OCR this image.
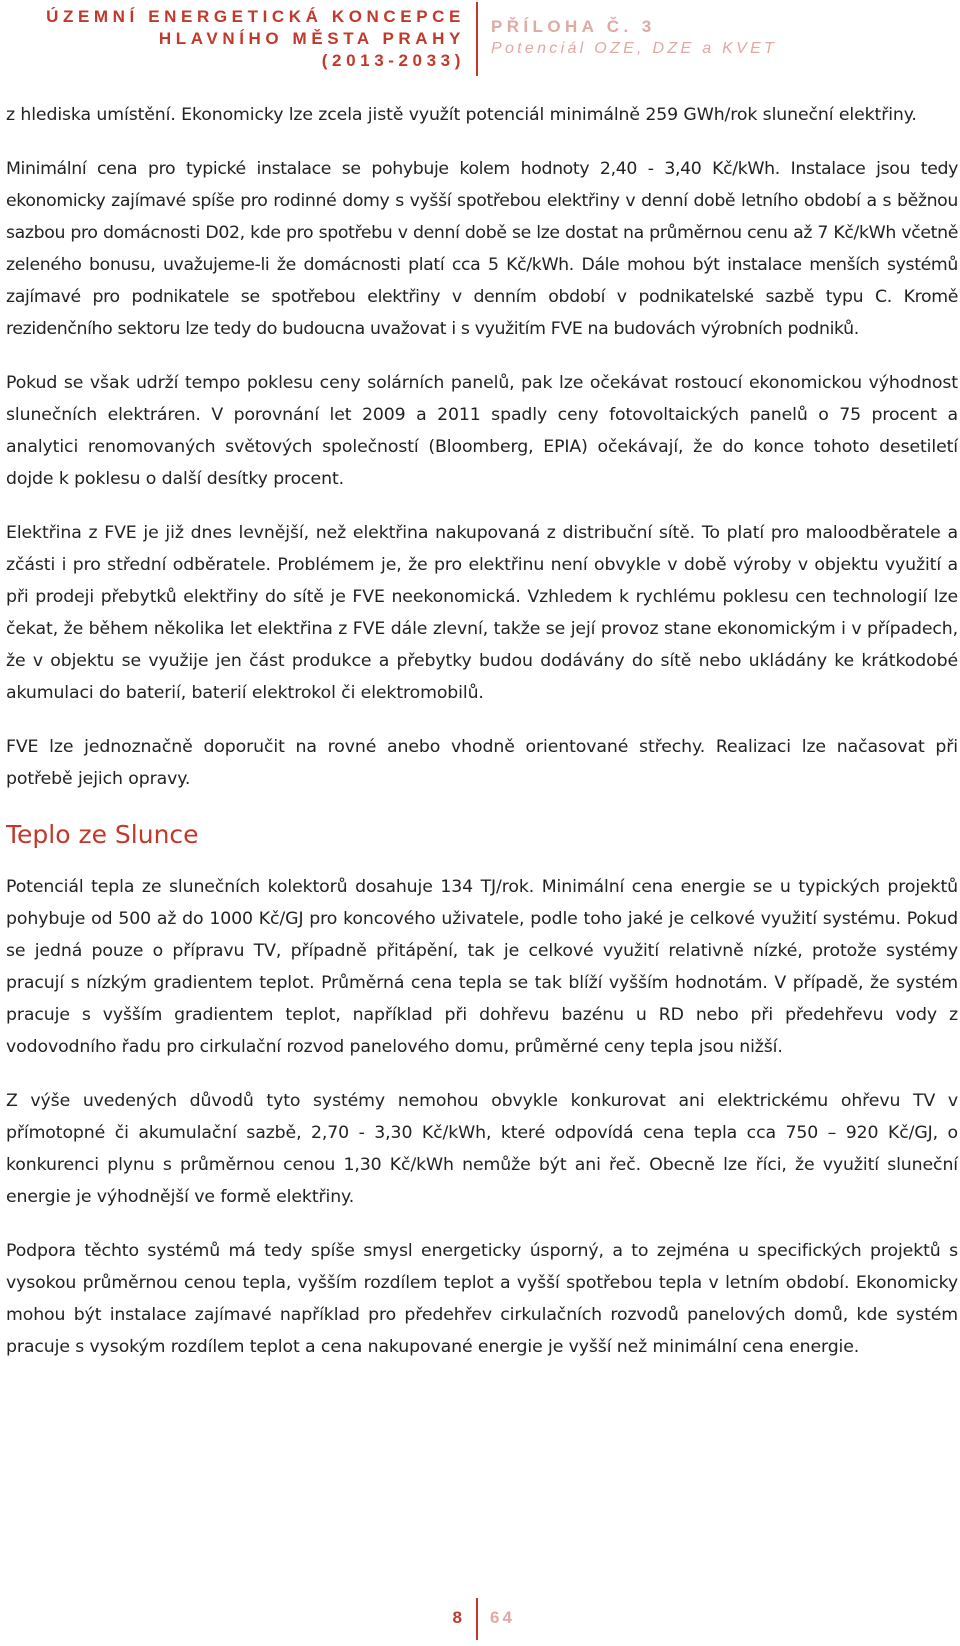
ÚZEMNÍ ENERGETICKÁ KONCEPCE
HLAVNÍHO MĚSTA PRAHY
(2013-2033)
PŘÍLOHA Č. 3
Potenciál OZE, DZE a KVET

z hlediska umístění. Ekonomicky lze zcela jistě využít potenciál minimálně 259 GWh/rok sluneční elektřiny.

Minimální cena pro typické instalace se pohybuje kolem hodnoty 2,40 - 3,40 Kč/kWh. Instalace jsou tedy ekonomicky zajímavé spíše pro rodinné domy s vyšší spotřebou elektřiny v denní době letního období a s běžnou sazbou pro domácnosti D02, kde pro spotřebu v denní době se lze dostat na průměrnou cenu až 7 Kč/kWh včetně zeleného bonusu, uvažujeme-li že domácnosti platí cca 5 Kč/kWh. Dále mohou být instalace menších systémů zajímavé pro podnikatele se spotřebou elektřiny v denním období v podnikatelské sazbě typu C. Kromě rezidenčního sektoru lze tedy do budoucna uvažovat i s využitím FVE na budovách výrobních podniků.

Pokud se však udrží tempo poklesu ceny solárních panelů, pak lze očekávat rostoucí ekonomickou výhodnost slunečních elektráren. V porovnání let 2009 a 2011 spadly ceny fotovoltaických panelů o 75 procent a analytici renomovaných světových společností (Bloomberg, EPIA) očekávají, že do konce tohoto desetiletí dojde k poklesu o další desítky procent.

Elektřina z FVE je již dnes levnější, než elektřina nakupovaná z distribuční sítě. To platí pro maloodběratele a zčásti i pro střední odběratele. Problémem je, že pro elektřinu není obvykle v době výroby v objektu využití a při prodeji přebytků elektřiny do sítě je FVE neekonomická. Vzhledem k rychlému poklesu cen technologií lze čekat, že během několika let elektřina z FVE dále zlevní, takže se její provoz stane ekonomickým i v případech, že v objektu se využije jen část produkce a přebytky budou dodávány do sítě nebo ukládány ke krátkodobé akumulaci do baterií, baterií elektrokol či elektromobilů.

FVE lze jednoznačně doporučit na rovné anebo vhodně orientované střechy. Realizaci lze načasovat při potřebě jejich opravy.

Teplo ze Slunce

Potenciál tepla ze slunečních kolektorů dosahuje 134 TJ/rok. Minimální cena energie se u typických projektů pohybuje od 500 až do 1000 Kč/GJ pro koncového uživatele, podle toho jaké je celkové využití systému. Pokud se jedná pouze o přípravu TV, případně přitápění, tak je celkové využití relativně nízké, protože systémy pracují s nízkým gradientem teplot. Průměrná cena tepla se tak blíží vyšším hodnotám. V případě, že systém pracuje s vyšším gradientem teplot, například při dohřevu bazénu u RD nebo při předehřevu vody z vodovodního řadu pro cirkulační rozvod panelového domu, průměrné ceny tepla jsou nižší.

Z výše uvedených důvodů tyto systémy nemohou obvykle konkurovat ani elektrickému ohřevu TV v přímotopné či akumulační sazbě, 2,70 - 3,30 Kč/kWh, které odpovídá cena tepla cca 750 – 920 Kč/GJ, o konkurenci plynu s průměrnou cenou 1,30 Kč/kWh nemůže být ani řeč. Obecně lze říci, že využití sluneční energie je výhodnější ve formě elektřiny.

Podpora těchto systémů má tedy spíše smysl energeticky úsporný, a to zejména u specifických projektů s vysokou průměrnou cenou tepla, vyšším rozdílem teplot a vyšší spotřebou tepla v letním období. Ekonomicky mohou být instalace zajímavé například pro předehřev cirkulačních rozvodů panelových domů, kde systém pracuje s vysokým rozdílem teplot a cena nakupované energie je vyšší než minimální cena energie.

8 64
